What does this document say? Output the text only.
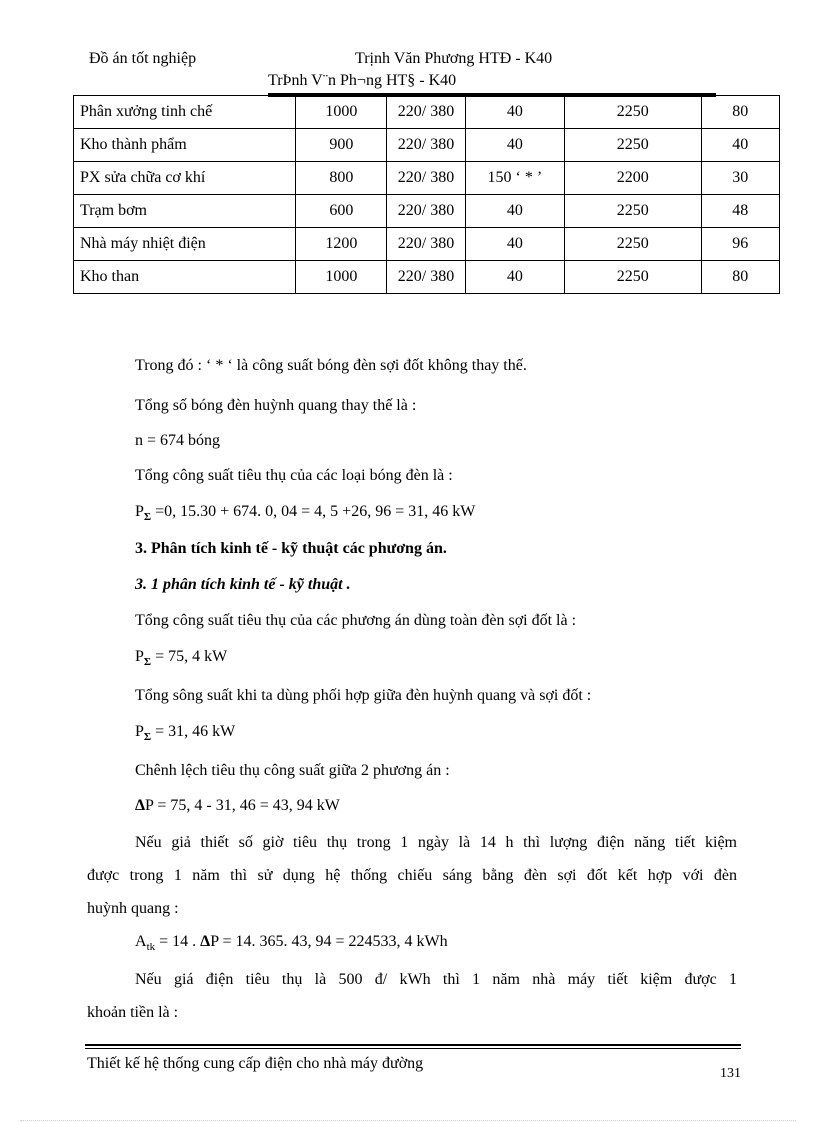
Đồ án tốt nghiệp	Trịnh Văn Phương HTĐ - K40
TrÞnh V¨n Ph¬ng HT§ - K40
Phân xưởng tinh chế	1000	220/ 380	40	2250	80
Kho thành phẩm	900	220/ 380	40	2250	40
PX sửa chữa cơ khí	800	220/ 380	150 ‘ * ’	2200	30
Trạm bơm	600	220/ 380	40	2250	48
Nhà máy nhiệt điện	1200	220/ 380	40	2250	96
Kho than	1000	220/ 380	40	2250	80
Trong đó : ‘ * ‘ là công suất bóng đèn sợi đốt không thay thế.
Tổng số bóng đèn huỳnh quang thay thế là :
n = 674 bóng
Tổng công suất tiêu thụ của các loại bóng đèn là :
$P_\Sigma =0$, 15.30 + 674. 0, 04 = 4, 5 +26, 96 = 31, 46 kW
3. Phân tích kinh tế - kỹ thuật các phương án.
3. 1 phân tích kinh tế - kỹ thuật .
Tổng công suất tiêu thụ của các phương án dùng toàn đèn sợi đốt là :
$P_\Sigma = 75$, 4 kW
Tổng sông suất khi ta dùng phối hợp giữa đèn huỳnh quang và sợi đốt :
$P_\Sigma = 31$, 46 kW
Chênh lệch tiêu thụ công suất giữa 2 phương án :
ΔP = 75, 4 - 31, 46 = 43, 94 kW
Nếu giả thiết số giờ tiêu thụ trong 1 ngày là 14 h thì lượng điện năng tiết kiệm
được trong 1 năm thì sử dụng hệ thống chiếu sáng bằng đèn sợi đốt kết hợp với đèn
huỳnh quang :
$A_{tk} = 14$ . ΔP = 14. 365. 43, 94 = 224533, 4 kWh
Nếu giá điện tiêu thụ là 500 đ/ kWh thì 1 năm nhà máy tiết kiệm được 1
khoản tiền là :
Thiết kế hệ thống cung cấp điện cho nhà máy đường
131
